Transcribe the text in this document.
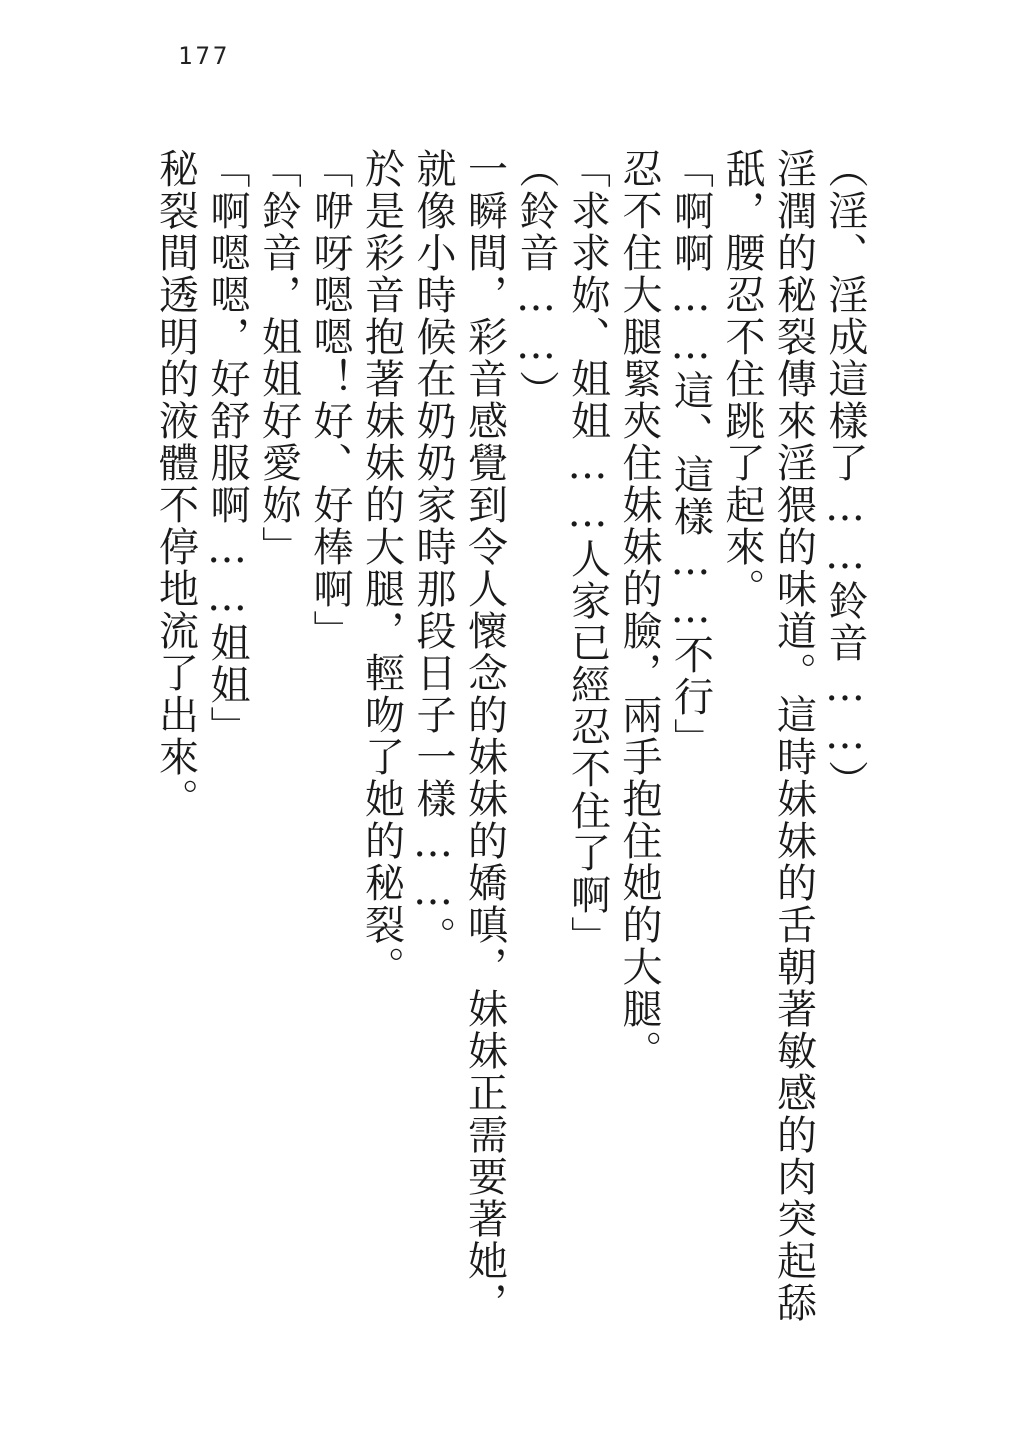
177

（淫、淫成這樣了……鈴音……）

淫潤的秘裂傳來淫猥的味道。這時妹妹的舌朝著敏感的肉突起舔

舐，腰忍不住跳了起來。

「啊啊……這、這樣……不行」

忍不住大腿緊夾住妹妹的臉，兩手抱住她的大腿。

「求求妳、姐姐……人家已經忍不住了啊」

（鈴音……）

一瞬間，彩音感覺到令人懷念的妹妹的嬌嗔，妹妹正需要著她，

就像小時候在奶奶家時那段日子一樣……。

於是彩音抱著妹妹的大腿，輕吻了她的秘裂。

「咿呀嗯嗯！好、好棒啊」

「鈴音，姐姐好愛妳」

「啊嗯嗯，好舒服啊……姐姐」

秘裂間透明的液體不停地流了出來。
